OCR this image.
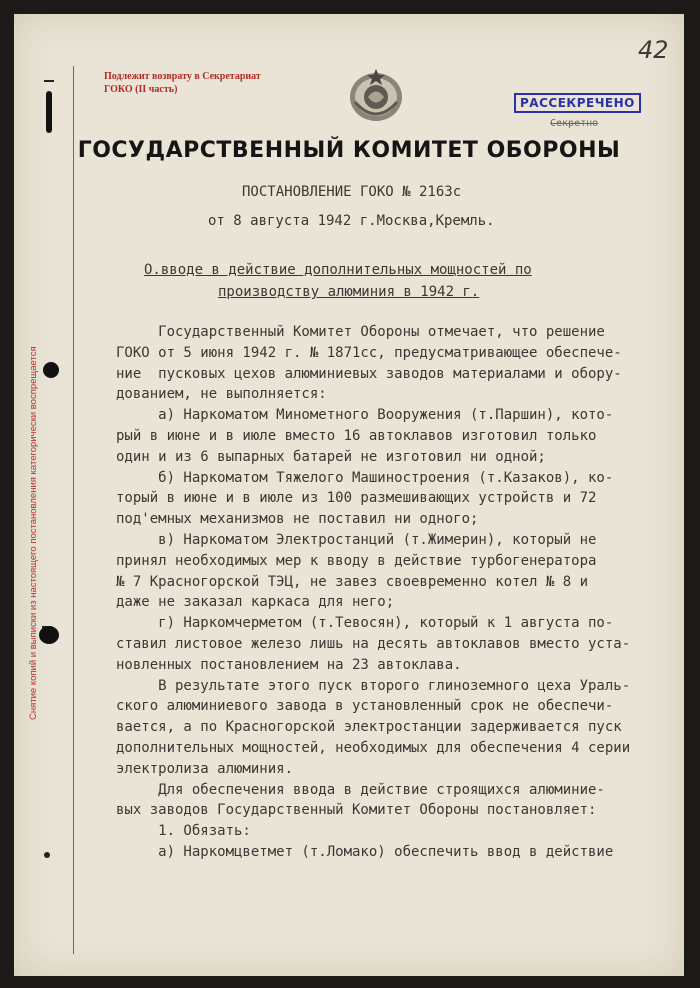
Снятие копий и выписки из настоящего постановления категорически воспрещается
Подлежит возврату в Секретариат
ГОКО (II часть)
42
Секретно
РАССЕКРЕЧЕНО
ГОСУДАРСТВЕННЫЙ КОМИТЕТ ОБОРОНЫ
ПОСТАНОВЛЕНИЕ ГОКО № 2163с
от 8 августа 1942 г.Москва,Кремль.
О.вводе в действие дополнительных мощностей по
производству алюминия в 1942 г.
Государственный Комитет Обороны отмечает, что решение
ГОКО от 5 июня 1942 г. № 1871сс, предусматривающее обеспече-
ние  пусковых цехов алюминиевых заводов материалами и обору-
дованием, не выполняется:
а) Наркоматом Минометного Вооружения (т.Паршин), кото-
рый в июне и в июле вместо 16 автоклавов изготовил только
один и из 6 выпарных батарей не изготовил ни одной;
б) Наркоматом Тяжелого Машиностроения (т.Казаков), ко-
торый в июне и в июле из 100 размешивающих устройств и 72
под'емных механизмов не поставил ни одного;
в) Наркоматом Электростанций (т.Жимерин), который не
принял необходимых мер к вводу в действие турбогенератора
№ 7 Красногорской ТЭЦ, не завез своевременно котел № 8 и
даже не заказал каркаса для него;
г) Наркомчерметом (т.Тевосян), который к 1 августа по-
ставил листовое железо лишь на десять автоклавов вместо уста-
новленных постановлением на 23 автоклава.
В результате этого пуск второго глиноземного цеха Ураль-
ского алюминиевого завода в установленный срок не обеспечи-
вается, а по Красногорской электростанции задерживается пуск
дополнительных мощностей, необходимых для обеспечения 4 серии
электролиза алюминия.
Для обеспечения ввода в действие строящихся алюминие-
вых заводов Государственный Комитет Обороны постановляет:
1. Обязать:
а) Наркомцветмет (т.Ломако) обеспечить ввод в действие
